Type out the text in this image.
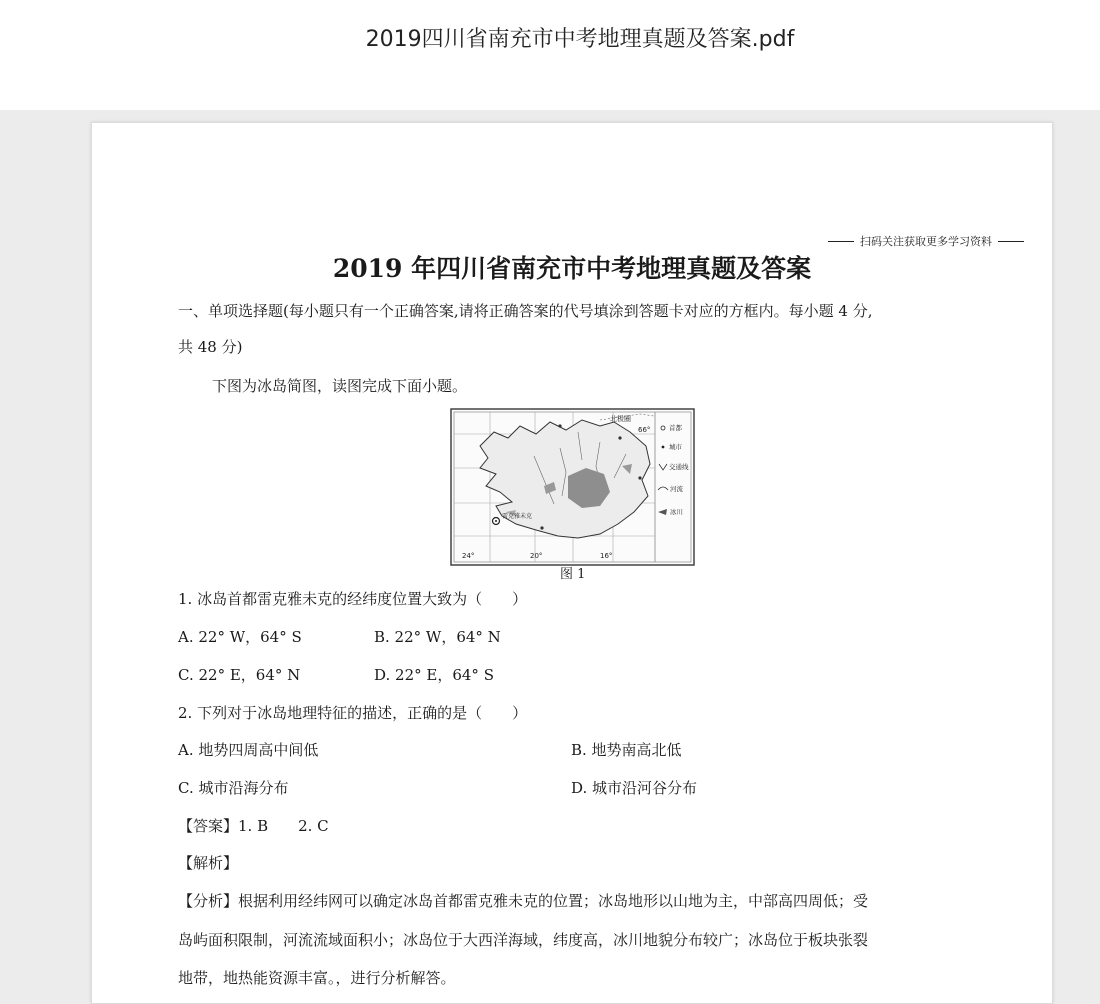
2019四川省南充市中考地理真题及答案.pdf
扫码关注获取更多学习资料
2019 年四川省南充市中考地理真题及答案
一、单项选择题(每小题只有一个正确答案,请将正确答案的代号填涂到答题卡对应的方框内。每小题 4 分,
共 48 分)
下图为冰岛简图，读图完成下面小题。
北极圈
66°
雷克雅未克
24°	20°	16°
首都
城市
交通线
河流
冰川
图 1
1. 冰岛首都雷克雅未克的经纬度位置大致为（　　）
A. 22° W，64° S	B. 22° W，64° N
C. 22° E，64° N	D. 22° E，64° S
2. 下列对于冰岛地理特征的描述，正确的是（　　）
A. 地势四周高中间低	B. 地势南高北低
C. 城市沿海分布	D. 城市沿河谷分布
【答案】1. B　　2. C
【解析】
【分析】根据利用经纬网可以确定冰岛首都雷克雅未克的位置；冰岛地形以山地为主，中部高四周低；受
岛屿面积限制，河流流域面积小；冰岛位于大西洋海域，纬度高，冰川地貌分布较广；冰岛位于板块张裂
地带，地热能资源丰富。，进行分析解答。
